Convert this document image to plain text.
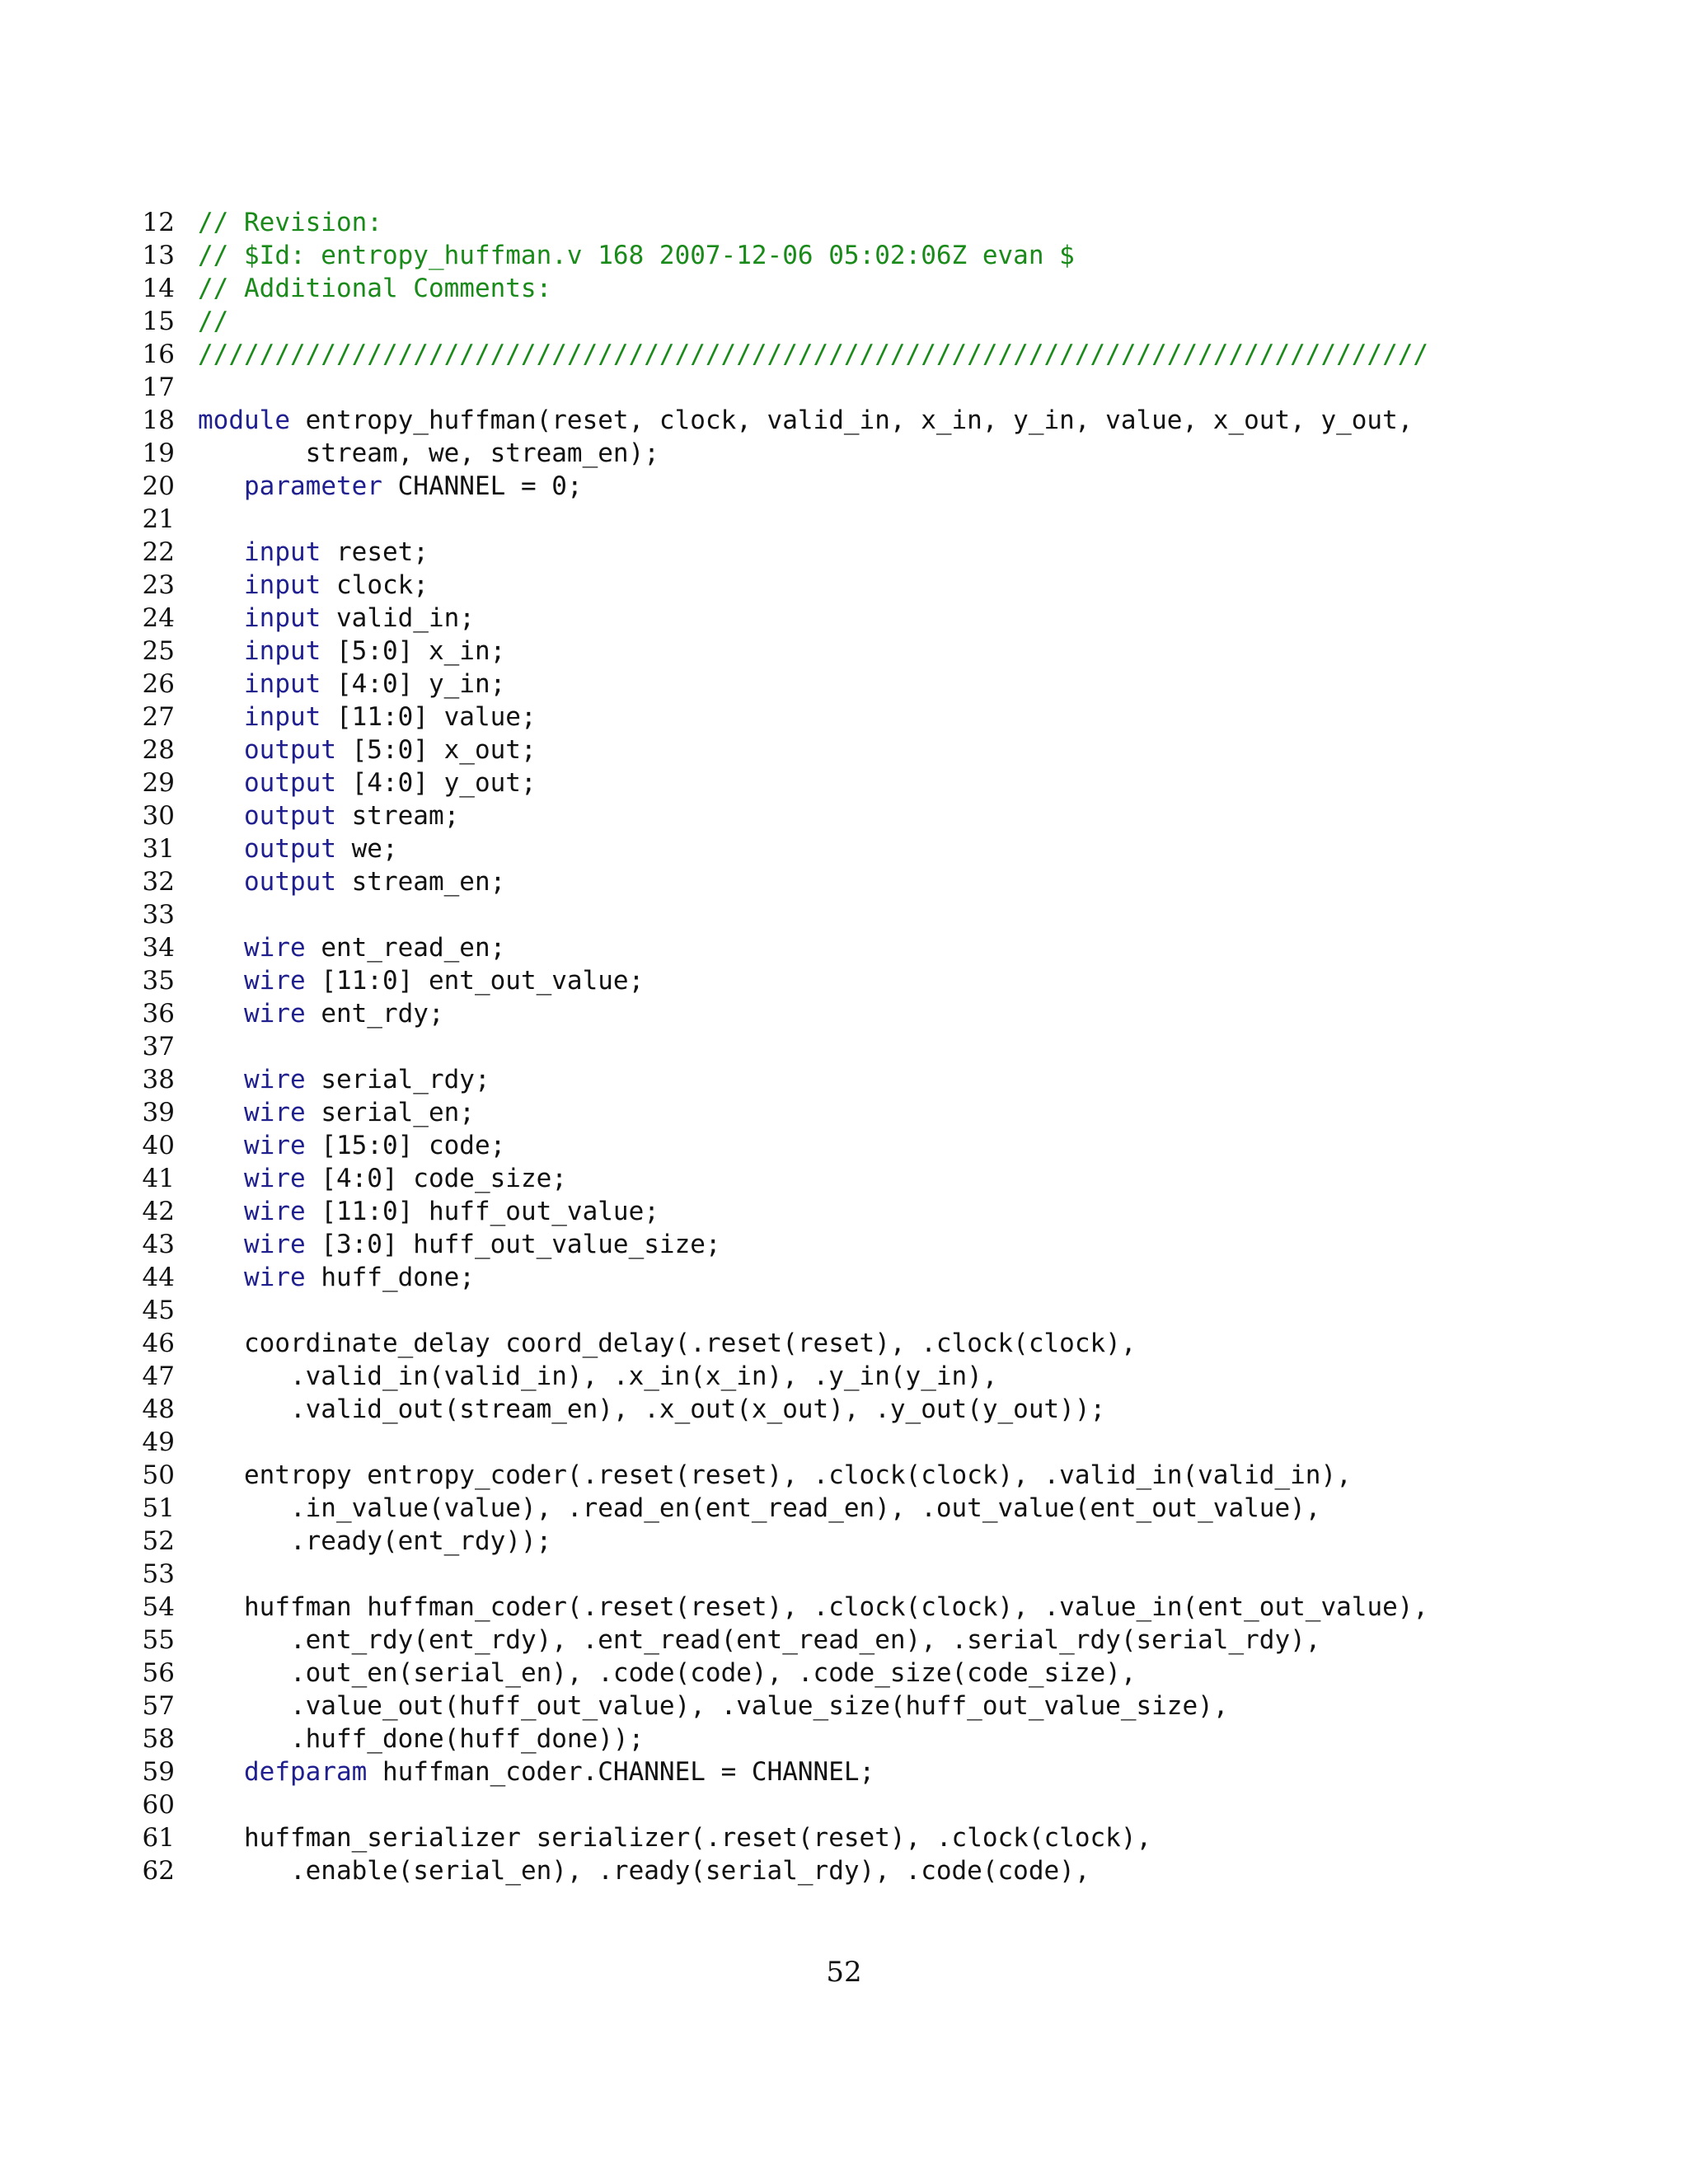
12 // Revision:
13 // $Id: entropy_huffman.v 168 2007-12-06 05:02:06Z evan $
14 // Additional Comments:
15 //
16 ////////////////////////////////////////////////////////////////////////////////
17
18 module entropy_huffman(reset, clock, valid_in, x_in, y_in, value, x_out, y_out,
19	stream, we, stream_en);
20	parameter CHANNEL = 0;
21
22	input reset;
23	input clock;
24	input valid_in;
25	input [5:0] x_in;
26	input [4:0] y_in;
27	input [11:0] value;
28	output [5:0] x_out;
29	output [4:0] y_out;
30	output stream;
31	output we;
32	output stream_en;
33
34	wire ent_read_en;
35	wire [11:0] ent_out_value;
36	wire ent_rdy;
37
38	wire serial_rdy;
39	wire serial_en;
40	wire [15:0] code;
41	wire [4:0] code_size;
42	wire [11:0] huff_out_value;
43	wire [3:0] huff_out_value_size;
44	wire huff_done;
45
46	coordinate_delay coord_delay(.reset(reset), .clock(clock),
47	.valid_in(valid_in), .x_in(x_in), .y_in(y_in),
48	.valid_out(stream_en), .x_out(x_out), .y_out(y_out));
49
50	entropy entropy_coder(.reset(reset), .clock(clock), .valid_in(valid_in),
51	.in_value(value), .read_en(ent_read_en), .out_value(ent_out_value),
52	.ready(ent_rdy));
53
54	huffman huffman_coder(.reset(reset), .clock(clock), .value_in(ent_out_value),
55	.ent_rdy(ent_rdy), .ent_read(ent_read_en), .serial_rdy(serial_rdy),
56	.out_en(serial_en), .code(code), .code_size(code_size),
57	.value_out(huff_out_value), .value_size(huff_out_value_size),
58	.huff_done(huff_done));
59	defparam huffman_coder.CHANNEL = CHANNEL;
60
61	huffman_serializer serializer(.reset(reset), .clock(clock),
62	.enable(serial_en), .ready(serial_rdy), .code(code),
52
